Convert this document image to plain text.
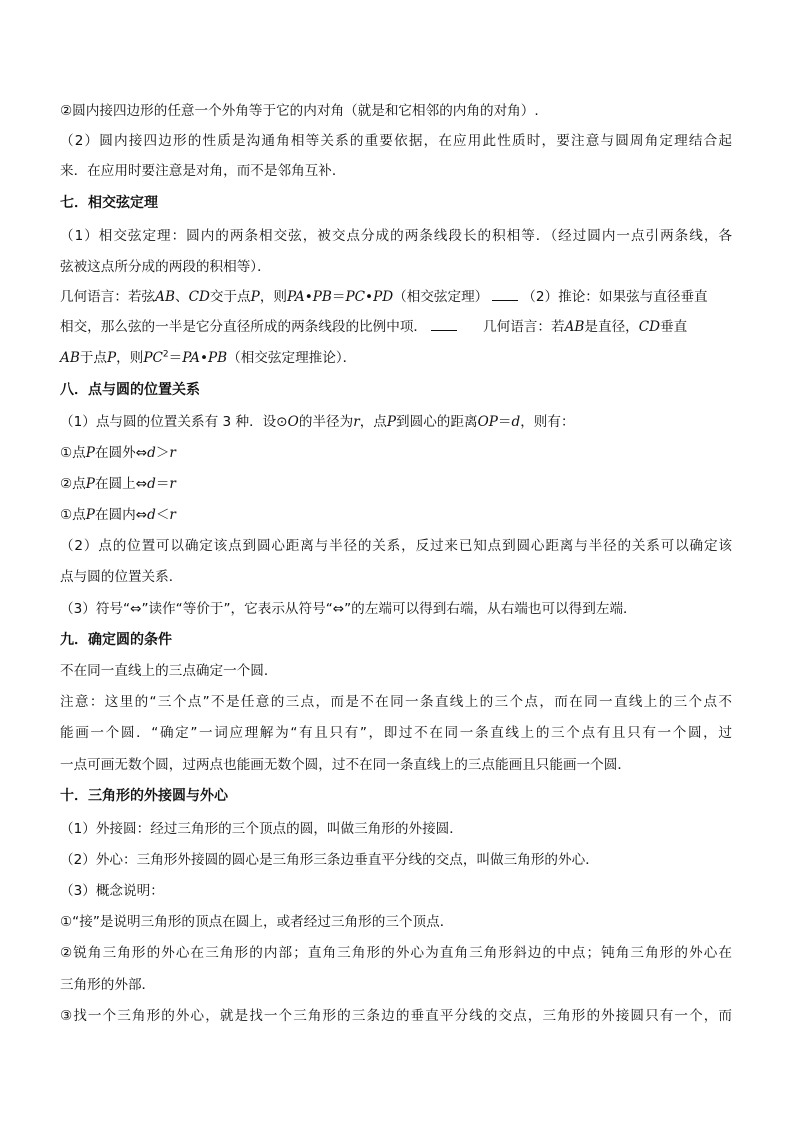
②圆内接四边形的任意一个外角等于它的内对角（就是和它相邻的内角的对角）.
（2）圆内接四边形的性质是沟通角相等关系的重要依据，在应用此性质时，要注意与圆周角定理结合起
来．在应用时要注意是对角，而不是邻角互补．
七．相交弦定理
（1）相交弦定理：圆内的两条相交弦，被交点分成的两条线段长的积相等．（经过圆内一点引两条线，各
弦被这点所分成的两段的积相等）．
几何语言：若弦AB、CD交于点P，则PA•PB＝PC•PD（相交弦定理）	（2）推论：如果弦与直径垂直
相交，那么弦的一半是它分直径所成的两条线段的比例中项．	几何语言：若AB是直径，CD垂直
AB于点P，则$PC^2=PA•PB$（相交弦定理推论）．
八．点与圆的位置关系
（1）点与圆的位置关系有 3 种．设⊙O的半径为r，点P到圆心的距离OP＝d，则有：
①点P在圆外⇔d＞r
②点P在圆上⇔d＝r
①点P在圆内⇔d＜r
（2）点的位置可以确定该点到圆心距离与半径的关系，反过来已知点到圆心距离与半径的关系可以确定该
点与圆的位置关系．
（3）符号“⇔”读作“等价于”，它表示从符号“⇔”的左端可以得到右端，从右端也可以得到左端．
九．确定圆的条件
不在同一直线上的三点确定一个圆．
注意：这里的“三个点”不是任意的三点，而是不在同一条直线上的三个点，而在同一直线上的三个点不
能画一个圆．“确定”一词应理解为“有且只有”，即过不在同一条直线上的三个点有且只有一个圆，过
一点可画无数个圆，过两点也能画无数个圆，过不在同一条直线上的三点能画且只能画一个圆．
十．三角形的外接圆与外心
（1）外接圆：经过三角形的三个顶点的圆，叫做三角形的外接圆．
（2）外心：三角形外接圆的圆心是三角形三条边垂直平分线的交点，叫做三角形的外心．
（3）概念说明：
①“接”是说明三角形的顶点在圆上，或者经过三角形的三个顶点．
②锐角三角形的外心在三角形的内部；直角三角形的外心为直角三角形斜边的中点；钝角三角形的外心在
三角形的外部．
③找一个三角形的外心，就是找一个三角形的三条边的垂直平分线的交点，三角形的外接圆只有一个，而
